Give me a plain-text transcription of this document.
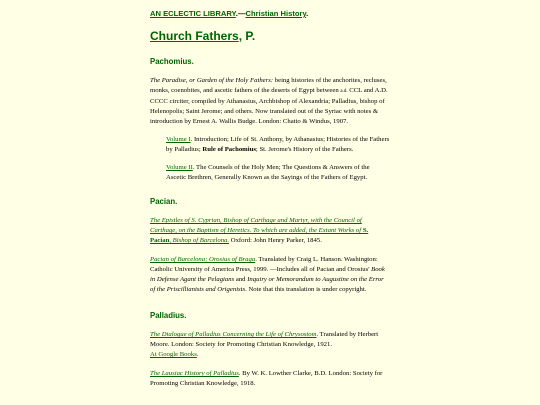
AN ECLECTIC LIBRARY.—Christian History.
Church Fathers, P.
Pachomius.

The Paradise, or Garden of the Holy Fathers: being histories of the anchorites, recluses, monks, coenobites, and ascetic fathers of the deserts of Egypt between a.d. CCL and A.D. CCCC circiter, compiled by Athanasius, Archbishop of Alexandria; Palladius, bishop of Helenopolis; Saint Jerome; and others. Now translated out of the Syriac with notes & introduction by Ernest A. Wallis Budge. London: Chatto & Windus, 1907.

Volume I. Introduction; Life of St. Anthony, by Athanasius; Histories of the Fathers by Palladius; Rule of Pachomius; St. Jerome's History of the Fathers.

Volume II. The Counsels of the Holy Men; The Questions & Answers of the Ascetic Brethren, Generally Known as the Sayings of the Fathers of Egypt.

Pacian.

The Epistles of S. Cyprian, Bishop of Carthage and Martyr, with the Council of Carthage, on the Baptism of Heretics. To which are added, the Extant Works of S. Pacian, Bishop of Barcelona. Oxford: John Henry Parker, 1845.

Pacian of Barcelona; Orosius of Braga. Translated by Craig L. Hanson. Washington: Catholic University of America Press, 1999. —Includes all of Pacian and Orosius' Book in Defense Agant the Pelagians and Inquiry or Memorandum to Augustine on the Error of the Priscillianists and Origenists. Note that this translation is under copyright.

Palladius.

The Dialogue of Palladius Concerning the Life of Chrysostom. Translated by Herbert Moore. London: Society for Promoting Christian Knowledge, 1921.
At Google Books.

The Lausiac History of Palladius. By W. K. Lowther Clarke, B.D. London: Society for Promoting Christian Knowledge, 1918.
